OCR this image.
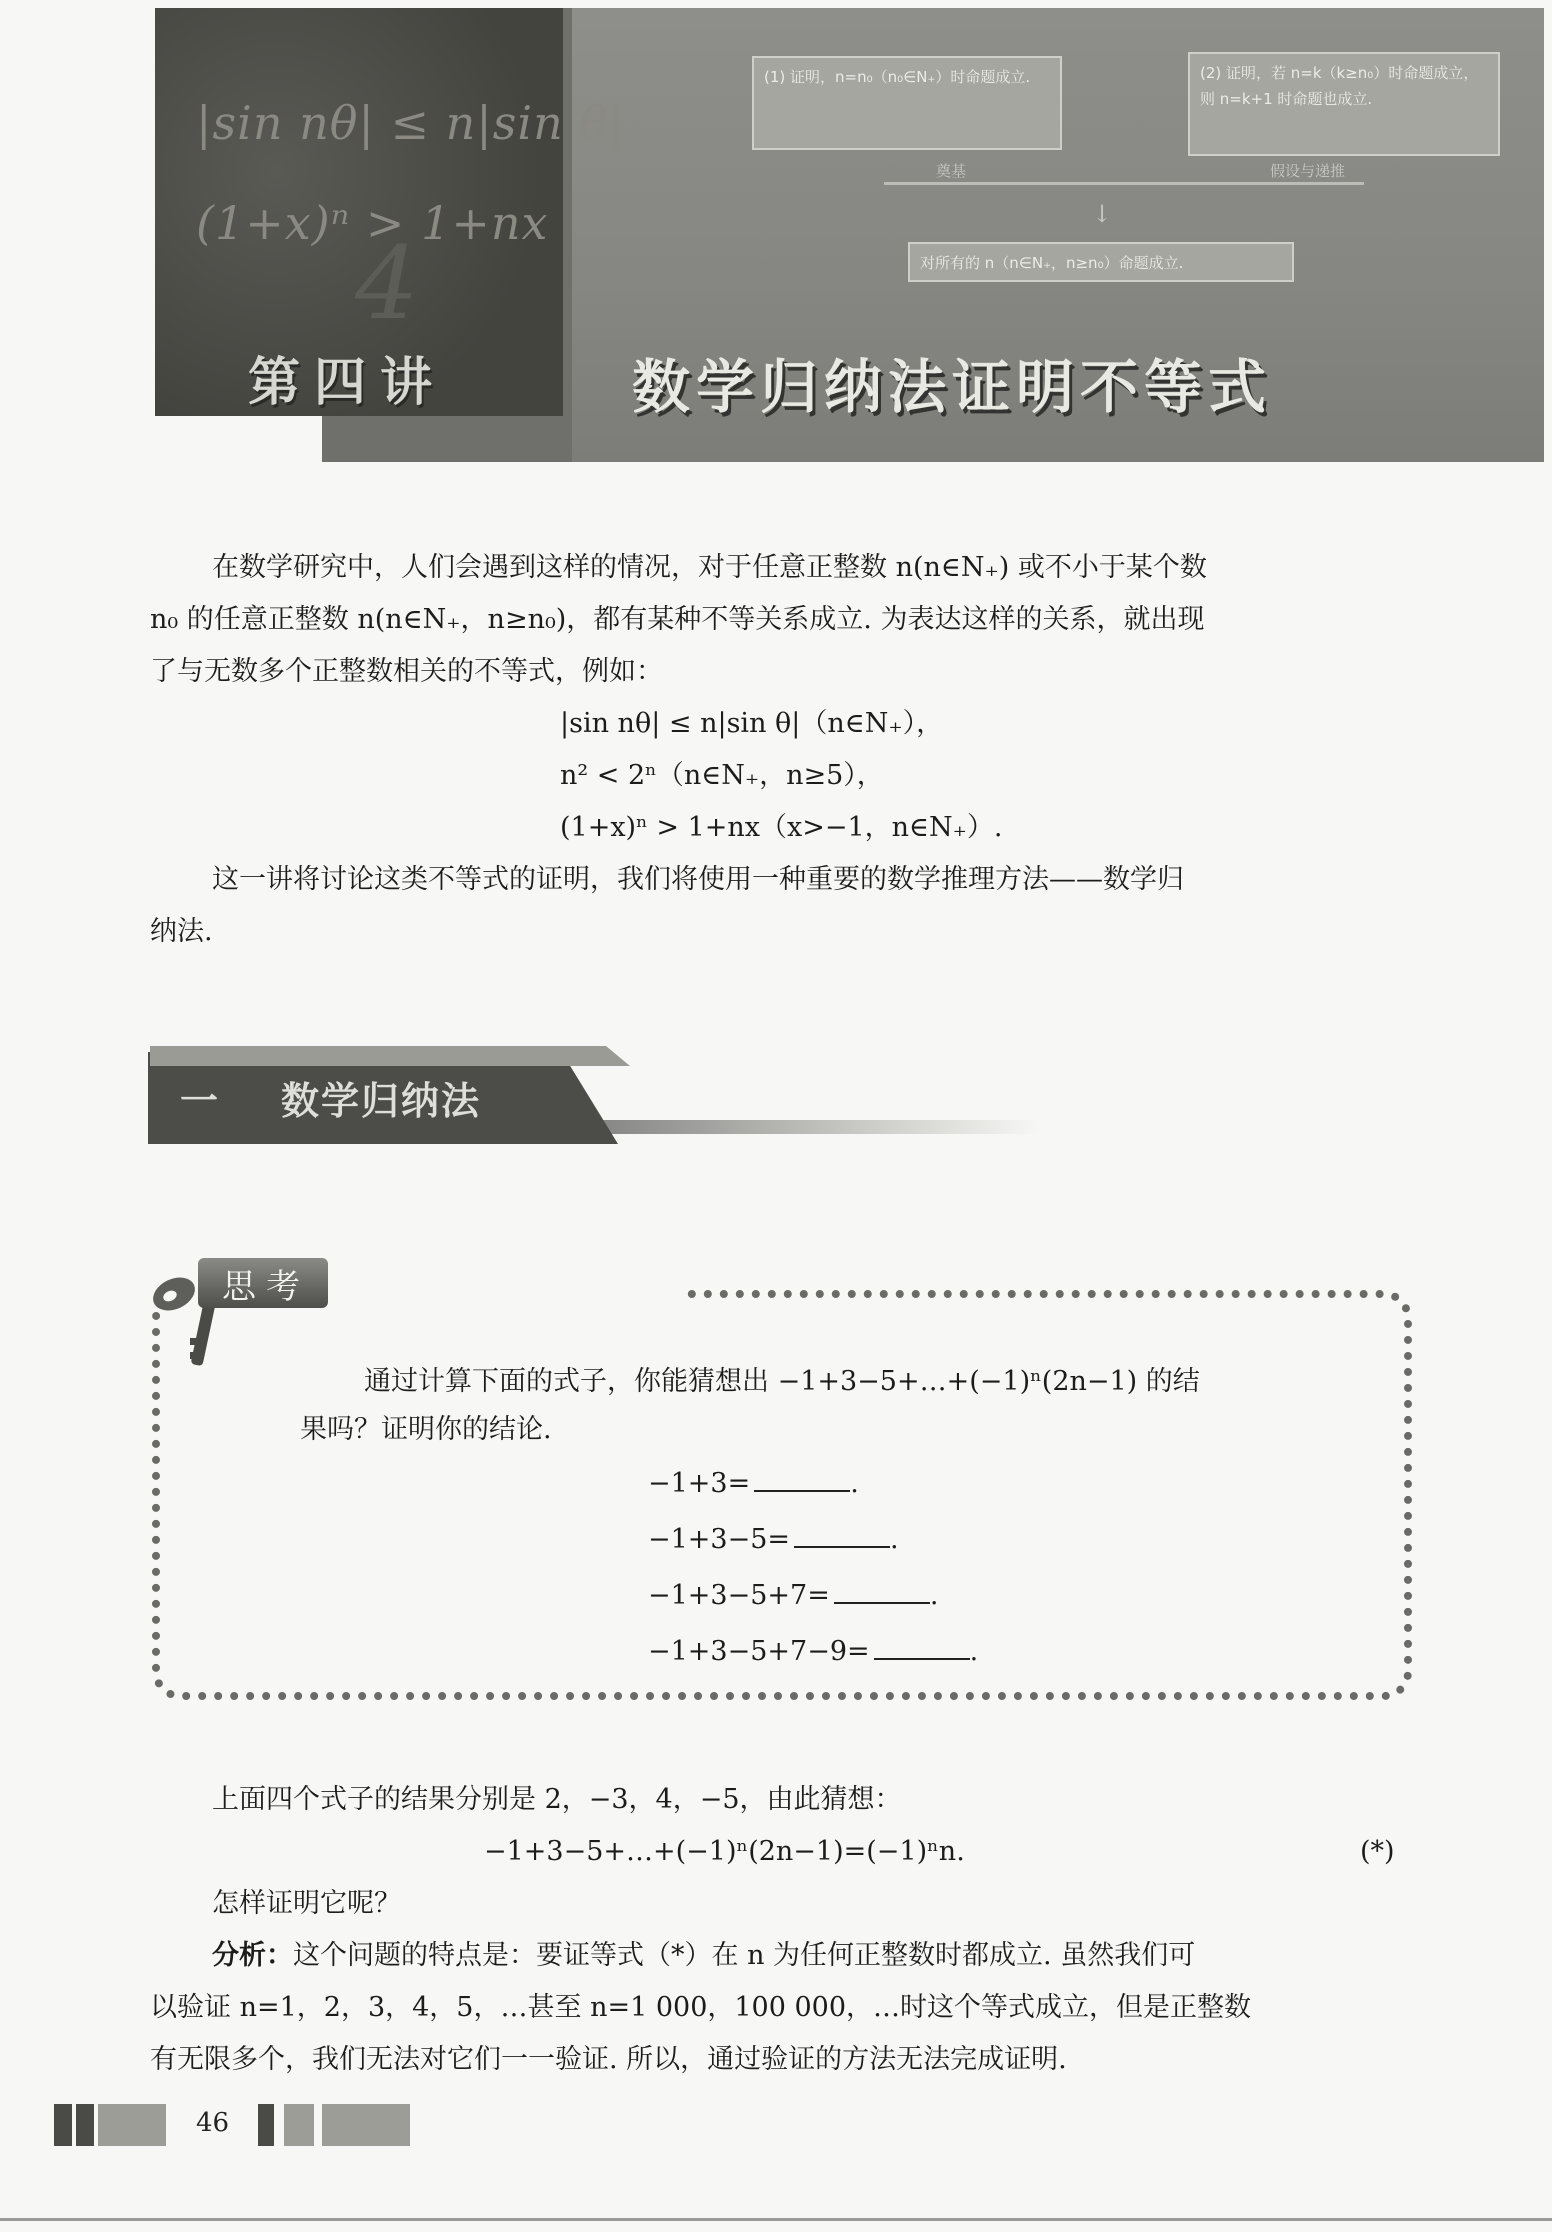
|sin nθ| ≤ n|sin θ|
(1+x)ⁿ > 1+nx
4
第四讲	数学归纳法证明不等式
(1) 证明，n=n₀（n₀∈N₊）时命题成立.	(2) 证明，若 n=k（k≥n₀）时命题成立，则 n=k+1 时命题也成立.
奠基	假设与递推
↓
对所有的 n（n∈N₊，n≥n₀）命题成立.
在数学研究中，人们会遇到这样的情况，对于任意正整数 n(n∈N₊) 或不小于某个数
n₀ 的任意正整数 n(n∈N₊，n≥n₀)，都有某种不等关系成立. 为表达这样的关系，就出现
了与无数多个正整数相关的不等式，例如：
|sin nθ| ≤ n|sin θ|（n∈N₊），
n² < 2ⁿ（n∈N₊，n≥5），
(1+x)ⁿ > 1+nx（x>−1，n∈N₊）.
这一讲将讨论这类不等式的证明，我们将使用一种重要的数学推理方法——数学归
纳法.
一 数学归纳法
思考
通过计算下面的式子，你能猜想出 −1+3−5+…+(−1)ⁿ(2n−1) 的结
果吗？证明你的结论.
−1+3=	.
−1+3−5=	.
−1+3−5+7=	.
−1+3−5+7−9=	.
上面四个式子的结果分别是 2，−3，4，−5，由此猜想：
−1+3−5+…+(−1)ⁿ(2n−1)=(−1)ⁿn.	(*)
怎样证明它呢？
分析：这个问题的特点是：要证等式（*）在 n 为任何正整数时都成立. 虽然我们可
以验证 n=1，2，3，4，5，…甚至 n=1 000，100 000，…时这个等式成立，但是正整数
有无限多个，我们无法对它们一一验证. 所以，通过验证的方法无法完成证明.
46
